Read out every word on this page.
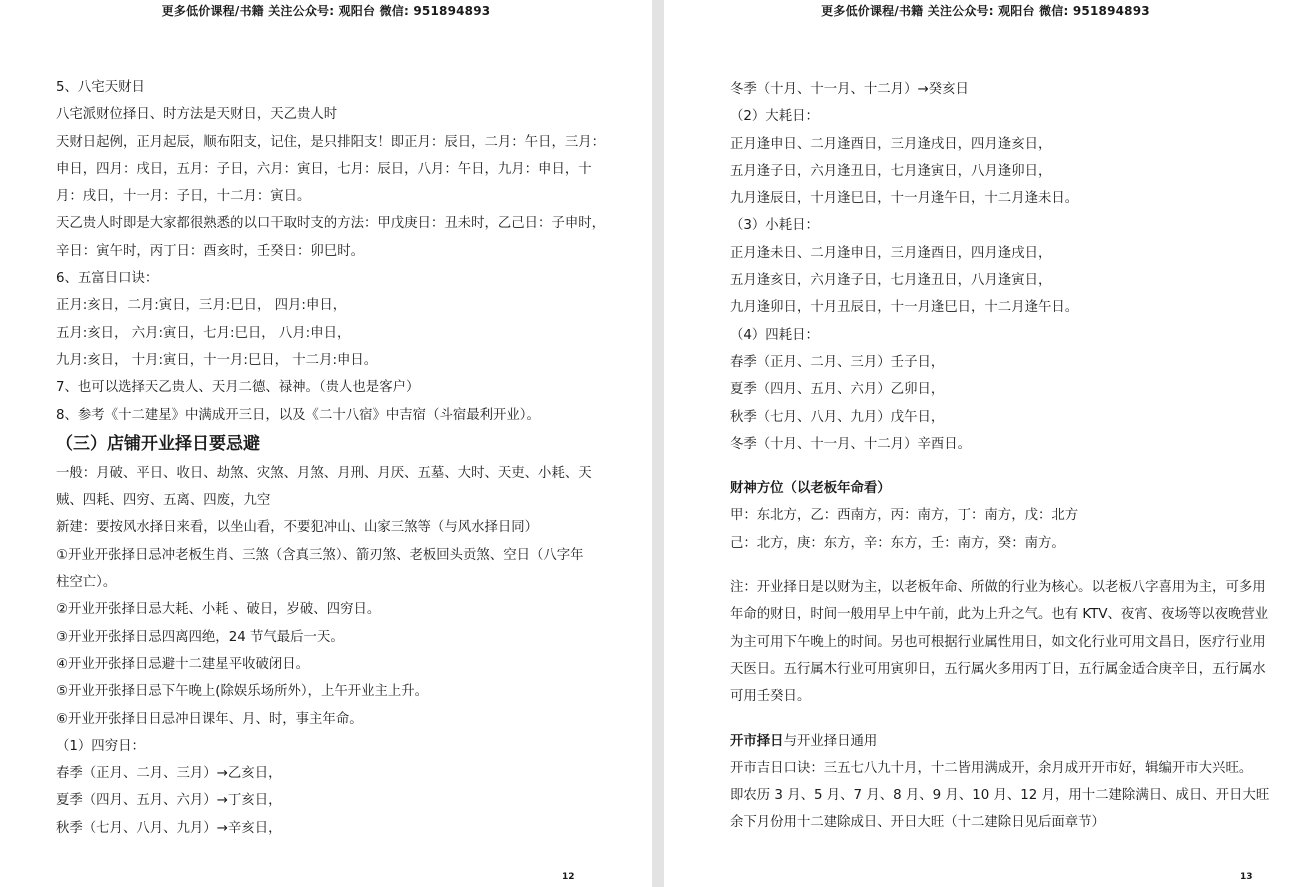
更多低价课程/书籍 关注公众号: 观阳台 微信: 951894893
5、八宅天财日
八宅派财位择日、时方法是天财日，天乙贵人时
天财日起例，正月起辰，顺布阳支，记住，是只排阳支！即正月：辰日，二月：午日，三月：
申日，四月：戌日，五月：子日，六月：寅日，七月：辰日，八月：午日，九月：申日，十
月：戌日，十一月：子日，十二月：寅日。
天乙贵人时即是大家都很熟悉的以口干取时支的方法：甲戊庚日：丑未时，乙己日：子申时，
辛日：寅午时，丙丁日：酉亥时，壬癸日：卯巳时。
6、五富日口诀：
正月:亥日，二月:寅日，三月:巳日， 四月:申日，
五月:亥日， 六月:寅日，七月:巳日， 八月:申日，
九月:亥日， 十月:寅日，十一月:巳日， 十二月:申日。
7、也可以选择天乙贵人、天月二德、禄神。（贵人也是客户）
8、参考《十二建星》中满成开三日，以及《二十八宿》中吉宿（斗宿最利开业）。
（三）店铺开业择日要忌避
一般：月破、平日、收日、劫煞、灾煞、月煞、月刑、月厌、五墓、大时、天吏、小耗、天
贼、四耗、四穷、五离、四废，九空
新建：要按风水择日来看，以坐山看，不要犯冲山、山家三煞等（与风水择日同）
①开业开张择日忌冲老板生肖、三煞（含真三煞）、箭刃煞、老板回头贡煞、空日（八字年
柱空亡）。
②开业开张择日忌大耗、小耗 、破日，岁破、四穷日。
③开业开张择日忌四离四绝，24 节气最后一天。
④开业开张择日忌避十二建星平收破闭日。
⑤开业开张择日忌下午晚上(除娱乐场所外），上午开业主上升。
⑥开业开张择日日忌冲日课年、月、时，事主年命。
（1）四穷日：
春季（正月、二月、三月）→乙亥日，
夏季（四月、五月、六月）→丁亥日，
秋季（七月、八月、九月）→辛亥日，
12
更多低价课程/书籍 关注公众号: 观阳台 微信: 951894893
冬季（十月、十一月、十二月）→癸亥日
（2）大耗日：
正月逢申日、二月逢酉日，三月逢戌日，四月逢亥日，
五月逢子日，六月逢丑日，七月逢寅日，八月逢卯日，
九月逢辰日，十月逢巳日，十一月逢午日，十二月逢未日。
（3）小耗日：
正月逢未日、二月逢申日，三月逢酉日，四月逢戌日，
五月逢亥日，六月逢子日，七月逢丑日，八月逢寅日，
九月逢卯日，十月丑辰日，十一月逢巳日，十二月逢午日。
（4）四耗日：
春季（正月、二月、三月）壬子日，
夏季（四月、五月、六月）乙卯日，
秋季（七月、八月、九月）戊午日，
冬季（十月、十一月、十二月）辛酉日。
财神方位（以老板年命看）
甲：东北方，乙：西南方，丙：南方，丁：南方，戊：北方
己：北方，庚：东方，辛：东方，壬：南方，癸：南方。
注：开业择日是以财为主，以老板年命、所做的行业为核心。以老板八字喜用为主，可多用
年命的财日，时间一般用早上中午前，此为上升之气。也有 KTV、夜宵、夜场等以夜晚营业
为主可用下午晚上的时间。另也可根据行业属性用日，如文化行业可用文昌日，医疗行业用
天医日。五行属木行业可用寅卯日，五行属火多用丙丁日，五行属金适合庚辛日，五行属水
可用壬癸日。
开市择日与开业择日通用
开市吉日口诀：三五七八九十月，十二皆用满成开，余月成开开市好，辑编开市大兴旺。
即农历 3 月、5 月、7 月、8 月、9 月、10 月、12 月，用十二建除满日、成日、开日大旺
余下月份用十二建除成日、开日大旺（十二建除日见后面章节）
13
